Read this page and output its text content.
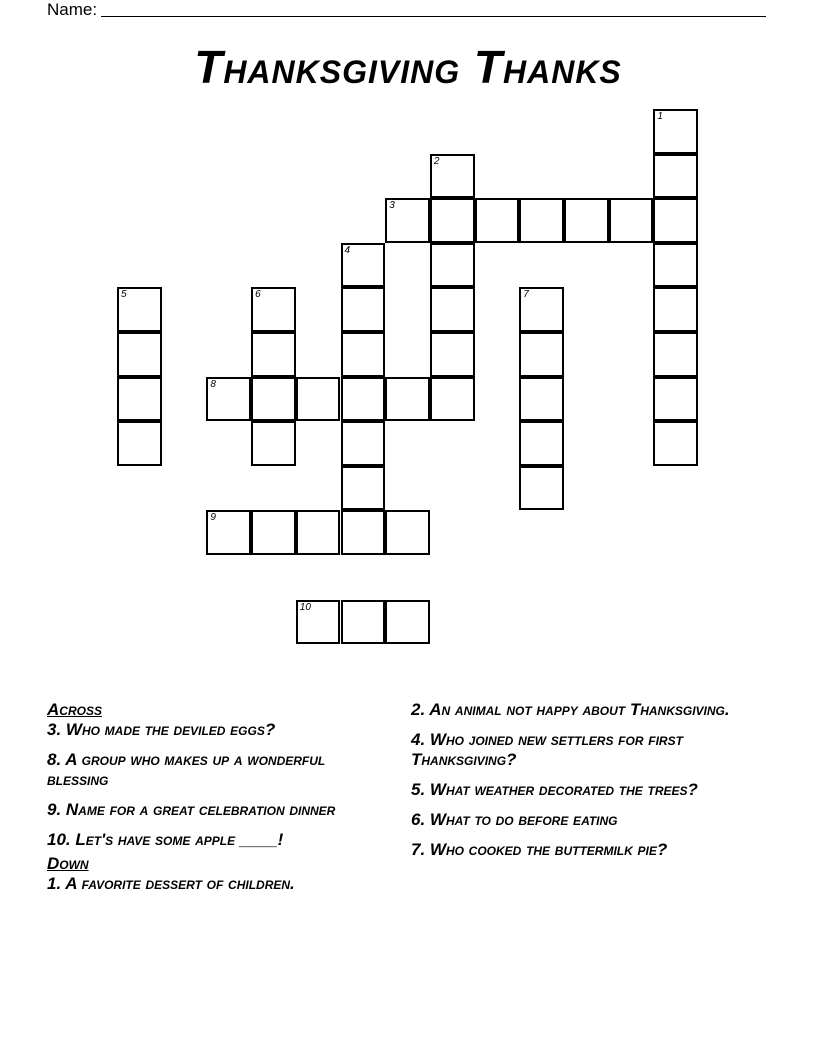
Name:
Thanksgiving Thanks
1
2
3
4
5	6	7
8
9
10
Across
3. Who made the deviled eggs?
8. A group who makes up a wonderful blessing
9. Name for a great celebration dinner
10. Let's have some apple ____!
Down
1. A favorite dessert of children.
2. An animal not happy about Thanksgiving.
4. Who joined new settlers for first Thanksgiving?
5. What weather decorated the trees?
6. What to do before eating
7. Who cooked the buttermilk pie?
